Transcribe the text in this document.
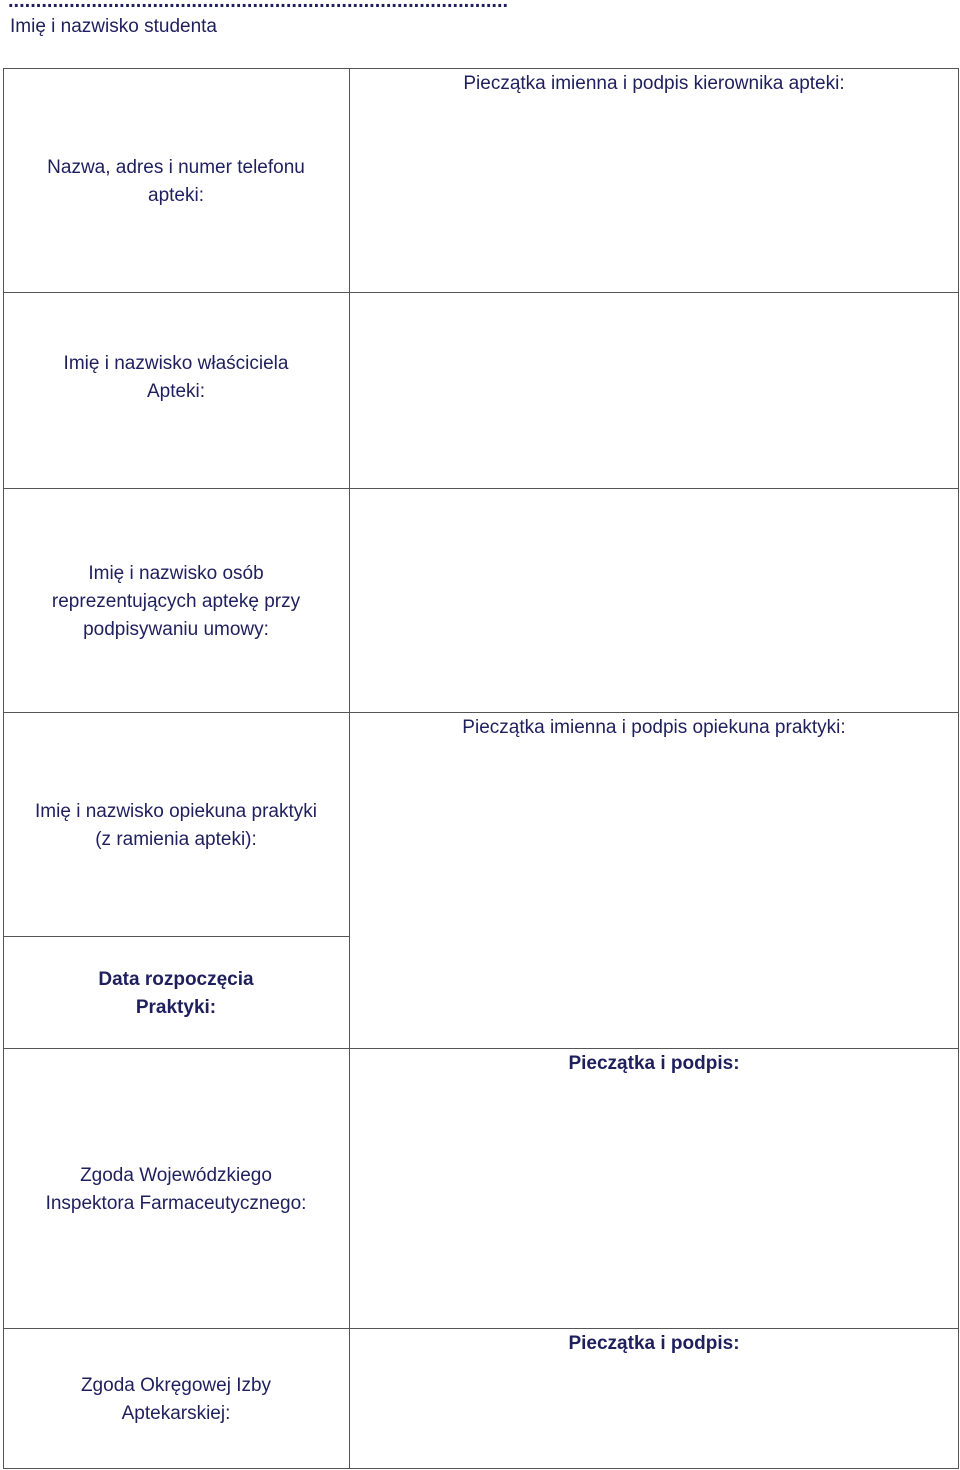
..........................................................................................
Imię i nazwisko studenta
Pieczątka imienna i podpis kierownika apteki:
Nazwa, adres i numer telefonu
apteki:
Imię i nazwisko właściciela
Apteki:
Imię i nazwisko osób
reprezentujących aptekę przy
podpisywaniu umowy:
Pieczątka imienna i podpis opiekuna praktyki:
Imię i nazwisko opiekuna praktyki
(z ramienia apteki):
Data rozpoczęcia
Praktyki:
Pieczątka i podpis:
Zgoda Wojewódzkiego
Inspektora Farmaceutycznego:
Pieczątka i podpis:
Zgoda Okręgowej Izby
Aptekarskiej:
